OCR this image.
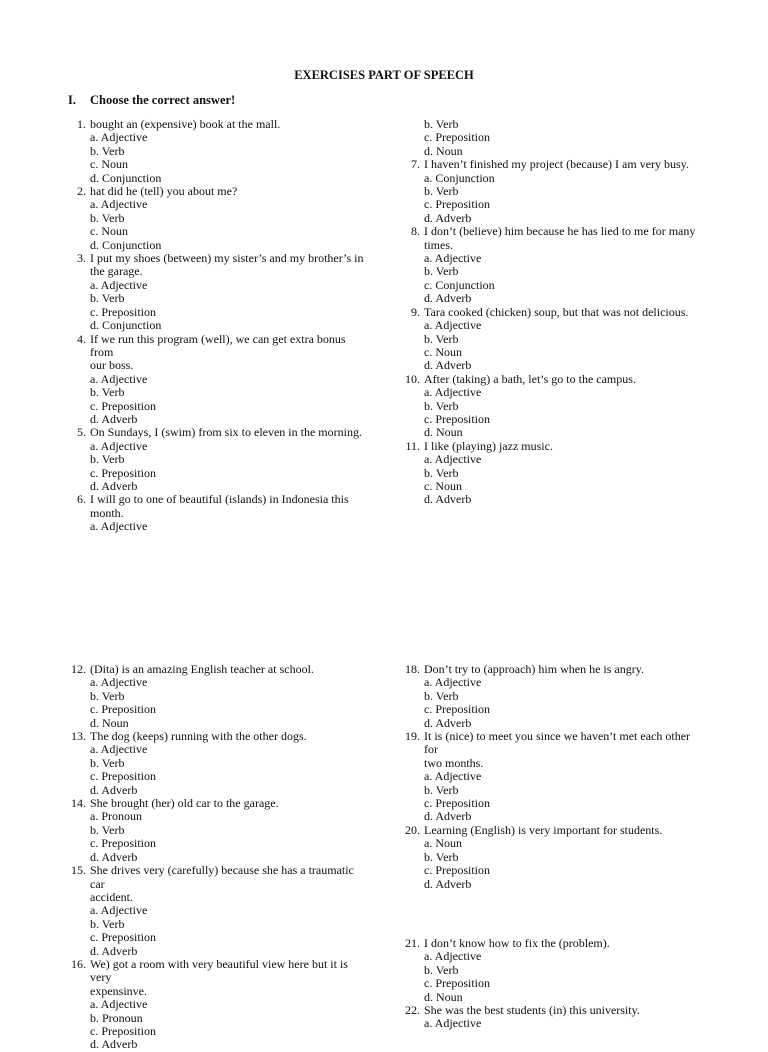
EXERCISES PART OF SPEECH
I. Choose the correct answer!
1. bought an (expensive) book at the mall.
a. Adjective
b. Verb
c. Noun
d. Conjunction
2. hat did he (tell) you about me?
a. Adjective
b. Verb
c. Noun
d. Conjunction
3. I put my shoes (between) my sister’s and my brother’s in
the garage.
a. Adjective
b. Verb
c. Preposition
d. Conjunction
4. If we run this program (well), we can get extra bonus from
our boss.
a. Adjective
b. Verb
c. Preposition
d. Adverb
5. On Sundays, I (swim) from six to eleven in the morning.
a. Adjective
b. Verb
c. Preposition
d. Adverb
6. I will go to one of beautiful (islands) in Indonesia this
month.
a. Adjective
b. Verb
c. Preposition
d. Noun
7. I haven’t finished my project (because) I am very busy.
a. Conjunction
b. Verb
c. Preposition
d. Adverb
8. I don’t (believe) him because he has lied to me for many
times.
a. Adjective
b. Verb
c. Conjunction
d. Adverb
9. Tara cooked (chicken) soup, but that was not delicious.
a. Adjective
b. Verb
c. Noun
d. Adverb
10. After (taking) a bath, let’s go to the campus.
a. Adjective
b. Verb
c. Preposition
d. Noun
11. I like (playing) jazz music.
a. Adjective
b. Verb
c. Noun
d. Adverb
12. (Dita) is an amazing English teacher at school.
a. Adjective
b. Verb
c. Preposition
d. Noun
13. The dog (keeps) running with the other dogs.
a. Adjective
b. Verb
c. Preposition
d. Adverb
14. She brought (her) old car to the garage.
a. Pronoun
b. Verb
c. Preposition
d. Adverb
15. She drives very (carefully) because she has a traumatic car
accident.
a. Adjective
b. Verb
c. Preposition
d. Adverb
16. We) got a room with very beautiful view here but it is very
expensinve.
a. Adjective
b. Pronoun
c. Preposition
d. Adverb
18. Don’t try to (approach) him when he is angry.
a. Adjective
b. Verb
c. Preposition
d. Adverb
19. It is (nice) to meet you since we haven’t met each other for
two months.
a. Adjective
b. Verb
c. Preposition
d. Adverb
20. Learning (English) is very important for students.
a. Noun
b. Verb
c. Preposition
d. Adverb
21. I don’t know how to fix the (problem).
a. Adjective
b. Verb
c. Preposition
d. Noun
22. She was the best students (in) this university.
a. Adjective
